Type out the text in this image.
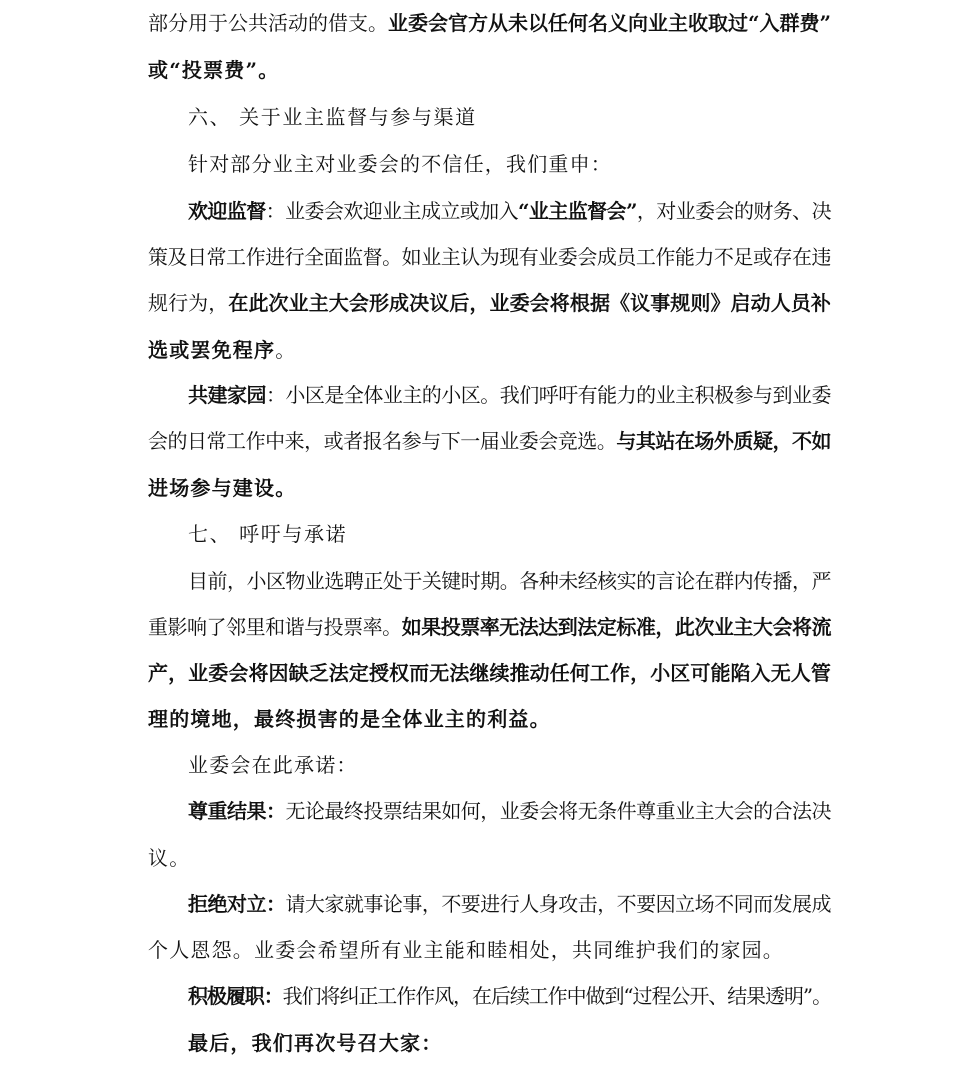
部分用于公共活动的借支。业委会官方从未以任何名义向业主收取过“入群费”
或“投票费”。
六、 关于业主监督与参与渠道
针对部分业主对业委会的不信任，我们重申：
欢迎监督：业委会欢迎业主成立或加入“业主监督会”，对业委会的财务、决
策及日常工作进行全面监督。如业主认为现有业委会成员工作能力不足或存在违
规行为，在此次业主大会形成决议后，业委会将根据《议事规则》启动人员补
选或罢免程序。
共建家园：小区是全体业主的小区。我们呼吁有能力的业主积极参与到业委
会的日常工作中来，或者报名参与下一届业委会竞选。与其站在场外质疑，不如
进场参与建设。
七、 呼吁与承诺
目前，小区物业选聘正处于关键时期。各种未经核实的言论在群内传播，严
重影响了邻里和谐与投票率。如果投票率无法达到法定标准，此次业主大会将流
产，业委会将因缺乏法定授权而无法继续推动任何工作，小区可能陷入无人管
理的境地，最终损害的是全体业主的利益。
业委会在此承诺：
尊重结果：无论最终投票结果如何，业委会将无条件尊重业主大会的合法决
议。
拒绝对立：请大家就事论事，不要进行人身攻击，不要因立场不同而发展成
个人恩怨。业委会希望所有业主能和睦相处，共同维护我们的家园。
积极履职：我们将纠正工作作风，在后续工作中做到“过程公开、结果透明”。
最后，我们再次号召大家：
